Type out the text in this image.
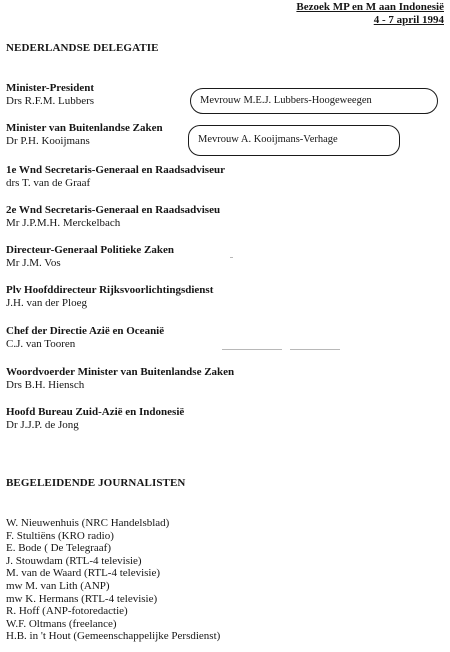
Bezoek MP en M aan Indonesië
4 - 7 april 1994
NEDERLANDSE DELEGATIE
Minister-President
Drs R.F.M. Lubbers
Minister van Buitenlandse Zaken
Dr P.H. Kooijmans
1e Wnd Secretaris-Generaal en Raadsadviseur
drs T. van de Graaf
2e Wnd Secretaris-Generaal en Raadsadviseu
Mr J.P.M.H. Merckelbach
Directeur-Generaal Politieke Zaken
Mr J.M. Vos
Plv Hoofddirecteur Rijksvoorlichtingsdienst
J.H. van der Ploeg
Chef der Directie Azië en Oceanië
C.J. van Tooren
Woordvoerder Minister van Buitenlandse Zaken
Drs B.H. Hiensch
Hoofd Bureau Zuid-Azië en Indonesië
Dr J.J.P. de Jong
Mevrouw M.E.J. Lubbers-Hoogeweegen
Mevrouw A. Kooijmans-Verhage
BEGELEIDENDE JOURNALISTEN
W. Nieuwenhuis (NRC Handelsblad)
F. Stultiëns (KRO radio)
E. Bode ( De Telegraaf)
J. Stouwdam (RTL-4 televisie)
M. van de Waard (RTL-4 televisie)
mw M. van Lith (ANP)
mw K. Hermans (RTL-4 televisie)
R. Hoff (ANP-fotoredactie)
W.F. Oltmans (freelance)
H.B. in 't Hout (Gemeenschappelijke Persdienst)
